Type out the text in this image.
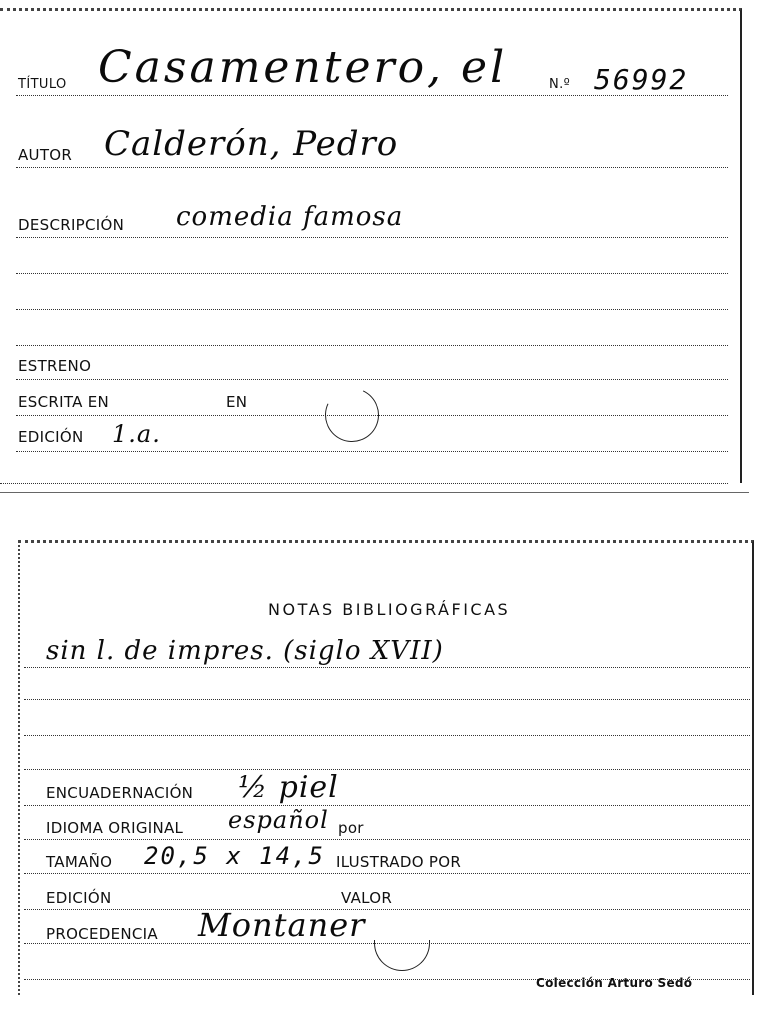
TÍTULO Casamentero, el	N.º 56992
AUTOR Calderón, Pedro
DESCRIPCIÓN comedia famosa
ESTRENO
ESCRITA EN	EN
EDICIÓN 1.a.
NOTAS BIBLIOGRÁFICAS
sin l. de impres. (siglo XVII)
ENCUADERNACIÓN ½ piel
IDIOMA ORIGINAL español por
TAMAÑO 20,5 x 14,5 ILUSTRADO POR
EDICIÓN	VALOR
PROCEDENCIA Montaner
Colección Arturo Sedó
